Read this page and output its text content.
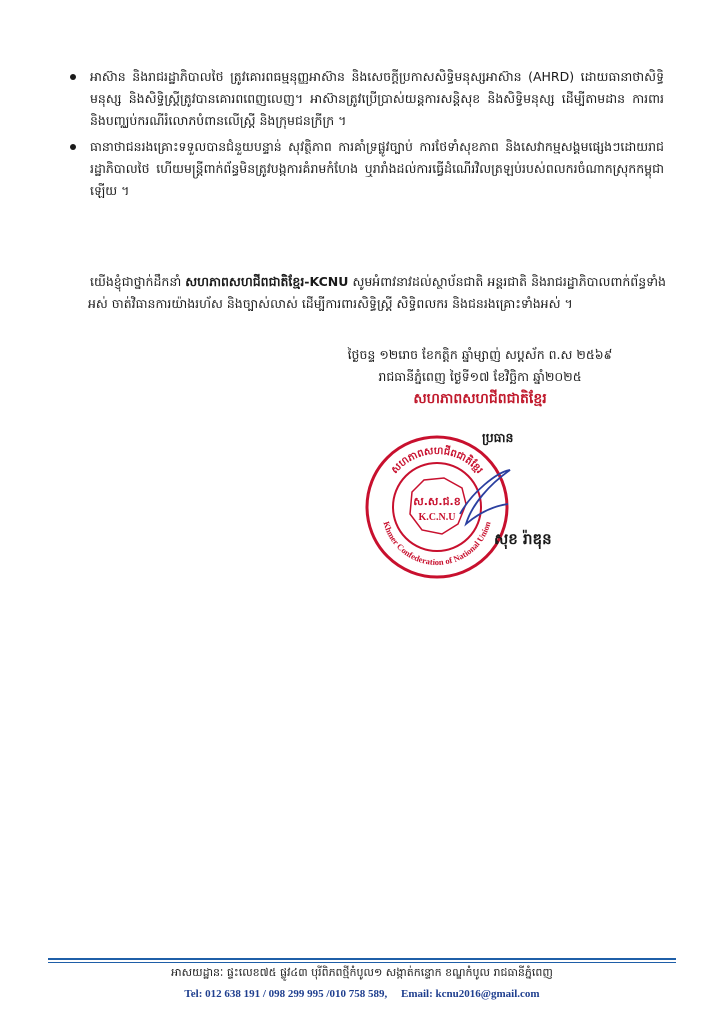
អាស៊ាន និងរាជរដ្ឋាភិបាលថៃ ត្រូវគោរពធម្មនុញ្ញអាស៊ាន និងសេចក្ដីប្រកាសសិទ្ធិមនុស្សអាស៊ាន (AHRD) ដោយធានាថាសិទ្ធិមនុស្ស និងសិទ្ធិស្ត្រីត្រូវបានគោរពពេញលេញ។ អាស៊ានត្រូវប្រើប្រាស់យន្តការសន្តិសុខ និងសិទ្ធិមនុស្ស ដើម្បីតាមដាន ការពារ និងបញ្ឈប់ករណីរំលោភបំពានលើស្ត្រី និងក្រុមជនក្រីក្រ ។
ធានាថាជនរងគ្រោះទទួលបានជំនួយបន្ទាន់ សុវត្ថិភាព ការគាំទ្រផ្លូវច្បាប់ ការថែទាំសុខភាព និងសេវាកម្មសង្គមផ្សេងៗដោយរាជរដ្ឋាភិបាលថៃ ហើយមន្ត្រីពាក់ព័ន្ធមិនត្រូវបង្កការគំរាមកំហែង ឬរារាំងដល់ការធ្វើដំណើរវិលត្រឡប់របស់ពលករចំណាកស្រុកកម្ពុជាឡើយ ។

យើងខ្ញុំជាថ្នាក់ដឹកនាំ សហភាពសហជីពជាតិខ្មែរ-KCNU សូមអំពាវនាវដល់ស្ថាប័នជាតិ អន្តរជាតិ និងរាជរដ្ឋាភិបាលពាក់ព័ន្ធទាំងអស់ ចាត់វិធានការយ៉ាងរហ័ស និងច្បាស់លាស់ ដើម្បីការពារសិទ្ធិស្ត្រី សិទ្ធិពលករ និងជនរងគ្រោះទាំងអស់ ។

ថ្ងៃចន្ទ ១២រោច ខែកត្តិក ឆ្នាំម្សាញ់ សប្តស័ក ព.ស ២៥៦៩
រាជធានីភ្នំពេញ ថ្ងៃទី១៧ ខែវិច្ឆិកា ឆ្នាំ២០២៥
សហភាពសហជីពជាតិខ្មែរ
សហភាពសហជីពជាតិខ្មែរ
Khmer Confederation of National Union
ស.ស.ជ.ខ
K.C.N.U
ប្រធាន
សុខ រ៉ាឌុន
អាសយដ្ឋានៈ ផ្ទះលេខ៧៥ ផ្លូវ៤៣ បុរីពិភពថ្មីកំបូល១ សង្កាត់កន្ទោក ខណ្ឌកំបូល រាជធានីភ្នំពេញ
Tel: 012 638 191 / 098 299 995 /010 758 589, Email: kcnu2016@gmail.com
